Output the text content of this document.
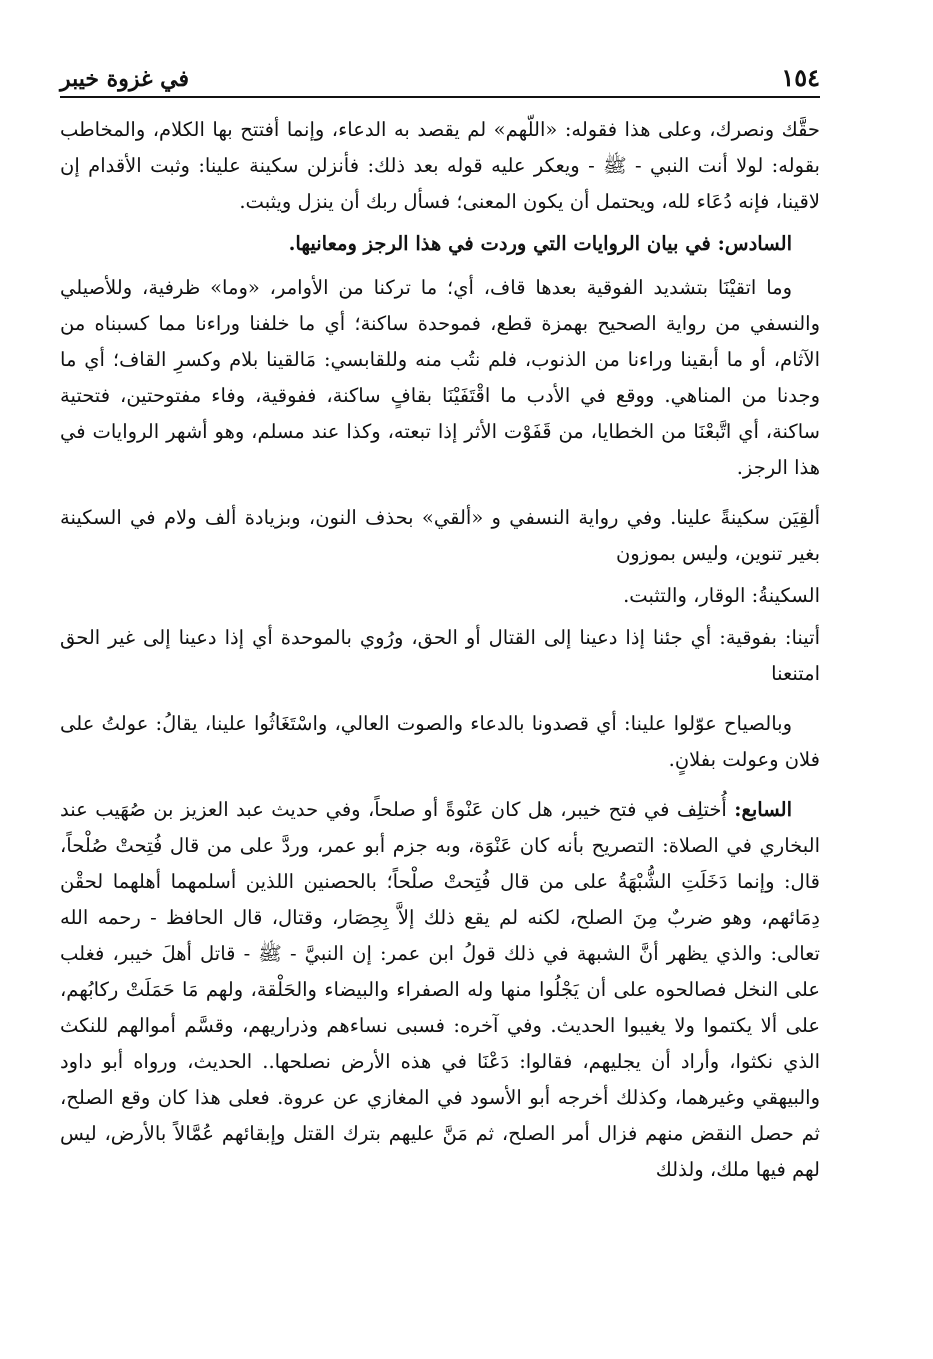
١٥٤
في غزوة خيبر

حقَّك ونصرك، وعلى هذا فقوله: «اللّهم» لم يقصد به الدعاء، وإنما أفتتح بها الكلام، والمخاطب بقوله: لولا أنت النبي - ﷺ - ويعكر عليه قوله بعد ذلك: فأنزلن سكينة علينا: وثبت الأقدام إن لاقينا، فإنه دُعَاء لله، ويحتمل أن يكون المعنى؛ فسأل ربك أن ينزل ويثبت.

السادس: في بيان الروايات التي وردت في هذا الرجز ومعانيها.

وما اتقيْنَا بتشديد الفوقية بعدها قاف، أي؛ ما تركنا من الأوامر، «وما» ظرفية، وللأصيلي والنسفي من رواية الصحيح بهمزة قطع، فموحدة ساكنة؛ أي ما خلفنا وراءنا مما كسبناه من الآثام، أو ما أبقينا وراءنا من الذنوب، فلم نتُب منه وللقابسي: مَالقينا بلام وكسرِ القاف؛ أي ما وجدنا من المناهي. ووقع في الأدب ما اقْتَفَيْنَا بقافٍ ساكنة، ففوقية، وفاء مفتوحتين، فتحتية ساكنة، أي اتَّبعْنَا من الخطايا، من قَفَوْت الأثر إذا تبعته، وكذا عند مسلم، وهو أشهر الروايات في هذا الرجز.

ألقِيَن سكينةً علينا. وفي رواية النسفي و «ألقي» بحذف النون، وبزيادة ألف ولام في السكينة بغير تنوين، وليس بموزون

السكينةُ: الوقار، والتثبت.

أتينا: بفوقية: أي جئنا إذا دعينا إلى القتال أو الحق، ورُوي بالموحدة أي إذا دعينا إلى غير الحق امتنعنا

وبالصياح عوّلوا علينا: أي قصدونا بالدعاء والصوت العالي، واسْتَغَاثُوا علينا، يقالُ: عولتُ على فلان وعولت بفلانٍ.

السابع: أُختلِف في فتح خيبر، هل كان عَنْوةً أو صلحاً، وفي حديث عبد العزيز بن صُهَيب عند البخاري في الصلاة: التصريح بأنه كان عَنْوَة، وبه جزم أبو عمر، وردَّ على من قال فُتِحتْ صُلْحاً، قال: وإنما دَخَلَتِ الشُّبْهَةُ على من قال فُتِحتْ صلْحاً؛ بالحصنين اللذين أسلمهما أهلهما لحقْن دِمَائهم، وهو ضربٌ مِنَ الصلح، لكنه لم يقع ذلك إلاَّ بِحِصَار، وقتال، قال الحافظ - رحمه الله تعالى: والذي يظهر أنَّ الشبهة في ذلك قولُ ابن عمر: إن النبيَّ - ﷺ - قاتل أهلَ خيبر، فغلب على النخل فصالحوه على أن يَجْلُوا منها وله الصفراء والبيضاء والحَلْقة، ولهم مَا حَمَلَتْ ركابُهم، على ألا يكتموا ولا يغيبوا الحديث. وفي آخره: فسبى نساءهم وذراريهم، وقسَّم أموالهم للنكث الذي نكثوا، وأراد أن يجليهم، فقالوا: دَعْنَا في هذه الأرض نصلحها.. الحديث، ورواه أبو داود والبيهقي وغيرهما، وكذلك أخرجه أبو الأسود في المغازي عن عروة. فعلى هذا كان وقع الصلح، ثم حصل النقض منهم فزال أمر الصلح، ثم مَنَّ عليهم بترك القتل وإبقائهم عُمَّالاً بالأرض، ليس لهم فيها ملك، ولذلك
